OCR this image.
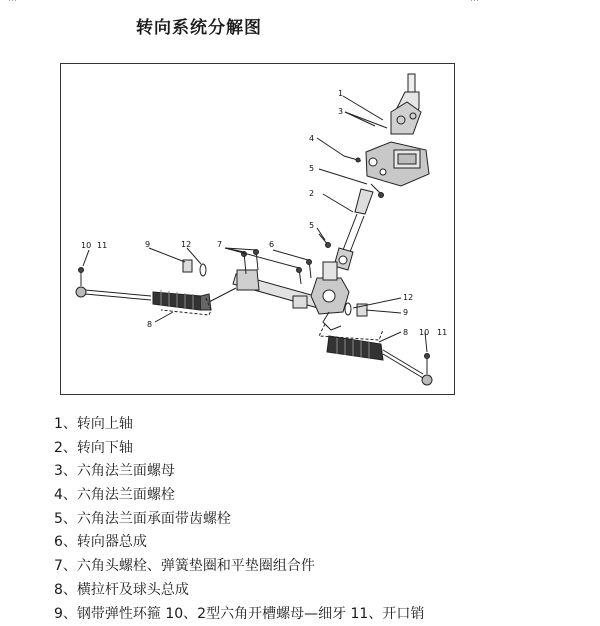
转向系统分解图
1
3
4
5
2
5
10 11	9	12	7	6
8
12
9
8 10 11
1、转向上轴
2、转向下轴
3、六角法兰面螺母
4、六角法兰面螺栓
5、六角法兰面承面带齿螺栓
6、转向器总成
7、六角头螺栓、弹簧垫圈和平垫圈组合件
8、横拉杆及球头总成
9、钢带弹性环箍 10、2型六角开槽螺母—细牙 11、开口销
